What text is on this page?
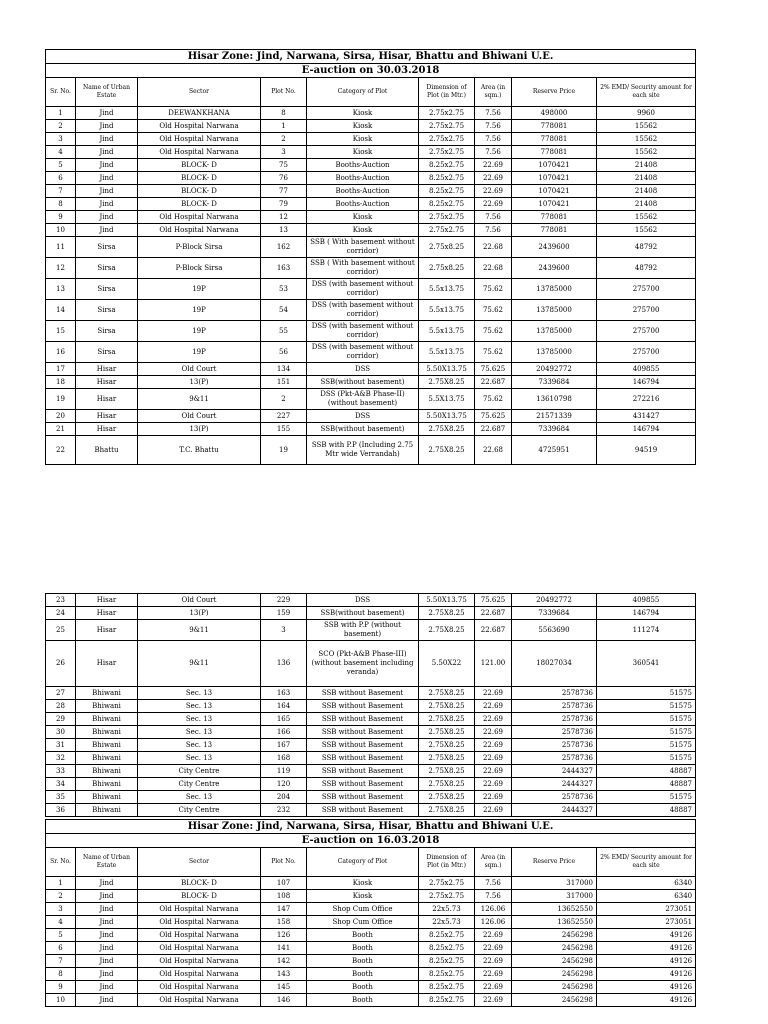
Hisar Zone: Jind, Narwana, Sirsa, Hisar, Bhattu and Bhiwani U.E.								
E-auction on 30.03.2018								
Sr. No.	Name of Urban Estate	Sector	Plot No.	Category of Plot	Dimension of Plot (in Mtr.)	Area (in sqm.)	Reserve Price	2% EMD/ Security amount for each site
1	Jind	DEEWANKHANA	8	Kiosk	2.75x2.75	7.56	498000	9960
2	Jind	Old Hospital Narwana	1	Kiosk	2.75x2.75	7.56	778081	15562
3	Jind	Old Hospital Narwana	2	Kiosk	2.75x2.75	7.56	778081	15562
4	Jind	Old Hospital Narwana	3	Kiosk	2.75x2.75	7.56	778081	15562
5	Jind	BLOCK- D	75	Booths-Auction	8.25x2.75	22.69	1070421	21408
6	Jind	BLOCK- D	76	Booths-Auction	8.25x2.75	22.69	1070421	21408
7	Jind	BLOCK- D	77	Booths-Auction	8.25x2.75	22.69	1070421	21408
8	Jind	BLOCK- D	79	Booths-Auction	8.25x2.75	22.69	1070421	21408
9	Jind	Old Hospital Narwana	12	Kiosk	2.75x2.75	7.56	778081	15562
10	Jind	Old Hospital Narwana	13	Kiosk	2.75x2.75	7.56	778081	15562
11	Sirsa	P-Block Sirsa	162	SSB ( With basement without corridor)	2.75x8.25	22.68	2439600	48792
12	Sirsa	P-Block Sirsa	163	SSB ( With basement without corridor)	2.75x8.25	22.68	2439600	48792
13	Sirsa	19P	53	DSS (with basement without corridor)	5.5x13.75	75.62	13785000	275700
14	Sirsa	19P	54	DSS (with basement without corridor)	5.5x13.75	75.62	13785000	275700
15	Sirsa	19P	55	DSS (with basement without corridor)	5.5x13.75	75.62	13785000	275700
16	Sirsa	19P	56	DSS (with basement without corridor)	5.5x13.75	75.62	13785000	275700
17	Hisar	Old Court	134	DSS	5.50X13.75	75.625	20492772	409855
18	Hisar	13(P)	151	SSB(without basement)	2.75X8.25	22.687	7339684	146794
19	Hisar	9&11	2	DSS (Pkt-A&B Phase-II)(without basement)	5.5X13.75	75.62	13610798	272216
20	Hisar	Old Court	227	DSS	5.50X13.75	75.625	21571339	431427
21	Hisar	13(P)	155	SSB(without basement)	2.75X8.25	22.687	7339684	146794
22	Bhattu	T.C. Bhattu	19	SSB with P.P (Including 2.75 Mtr wide Verrandah)	2.75X8.25	22.68	4725951	94519
23	Hisar	Old Court	229	DSS	5.50X13.75	75.625	20492772	409855
24	Hisar	13(P)	159	SSB(without basement)	2.75X8.25	22.687	7339684	146794
25	Hisar	9&11	3	SSB with P.P (without basement)	2.75X8.25	22.687	5563690	111274
26	Hisar	9&11	136	SCO (Pkt-A&B Phase-III) (without basement including veranda)	5.50X22	121.00	18027034	360541
27	Bhiwani	Sec. 13	163	SSB without Basement	2.75X8.25	22.69	2578736	51575
28	Bhiwani	Sec. 13	164	SSB without Basement	2.75X8.25	22.69	2578736	51575
29	Bhiwani	Sec. 13	165	SSB without Basement	2.75X8.25	22.69	2578736	51575
30	Bhiwani	Sec. 13	166	SSB without Basement	2.75X8.25	22.69	2578736	51575
31	Bhiwani	Sec. 13	167	SSB without Basement	2.75X8.25	22.69	2578736	51575
32	Bhiwani	Sec. 13	168	SSB without Basement	2.75X8.25	22.69	2578736	51575
33	Bhiwani	City Centre	119	SSB without Basement	2.75X8.25	22.69	2444327	48887
34	Bhiwani	City Centre	120	SSB without Basement	2.75X8.25	22.69	2444327	48887
35	Bhiwani	Sec. 13	204	SSB without Basement	2.75X8.25	22.69	2578736	51575
36	Bhiwani	City Centre	232	SSB without Basement	2.75X8.25	22.69	2444327	48887
Hisar Zone: Jind, Narwana, Sirsa, Hisar, Bhattu and Bhiwani U.E.								
E-auction on 16.03.2018								
Sr. No.	Name of Urban Estate	Sector	Plot No.	Category of Plot	Dimension of Plot (in Mtr.)	Area (in sqm.)	Reserve Price	2% EMD/ Security amount for each site
1	Jind	BLOCK- D	107	Kiosk	2.75x2.75	7.56	317000	6340
2	Jind	BLOCK- D	108	Kiosk	2.75x2.75	7.56	317000	6340
3	Jind	Old Hospital Narwana	147	Shop Cum Office	22x5.73	126.06	13652550	273051
4	Jind	Old Hospital Narwana	158	Shop Cum Office	22x5.73	126.06	13652550	273051
5	Jind	Old Hospital Narwana	126	Booth	8.25x2.75	22.69	2456298	49126
6	Jind	Old Hospital Narwana	141	Booth	8.25x2.75	22.69	2456298	49126
7	Jind	Old Hospital Narwana	142	Booth	8.25x2.75	22.69	2456298	49126
8	Jind	Old Hospital Narwana	143	Booth	8.25x2.75	22.69	2456298	49126
9	Jind	Old Hospital Narwana	145	Booth	8.25x2.75	22.69	2456298	49126
10	Jind	Old Hospital Narwana	146	Booth	8.25x2.75	22.69	2456298	49126
